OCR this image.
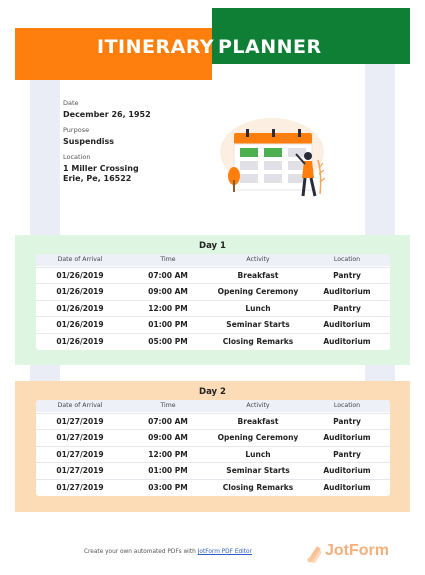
ITINERARY PLANNER
Date
December 26, 1952
Purpose
Suspendiss
Location
1 Miller Crossing
Erie, Pe, 16522
Day 1
Date of Arrival	Time	Activity	Location
01/26/2019	07:00 AM	Breakfast	Pantry
01/26/2019	09:00 AM	Opening Ceremony	Auditorium
01/26/2019	12:00 PM	Lunch	Pantry
01/26/2019	01:00 PM	Seminar Starts	Auditorium
01/26/2019	05:00 PM	Closing Remarks	Auditorium
Day 2
Date of Arrival	Time	Activity	Location
01/27/2019	07:00 AM	Breakfast	Pantry
01/27/2019	09:00 AM	Opening Ceremony	Auditorium
01/27/2019	12:00 PM	Lunch	Pantry
01/27/2019	01:00 PM	Seminar Starts	Auditorium
01/27/2019	03:00 PM	Closing Remarks	Auditorium
Create your own automated PDFs with JotForm PDF Editor	JotForm
